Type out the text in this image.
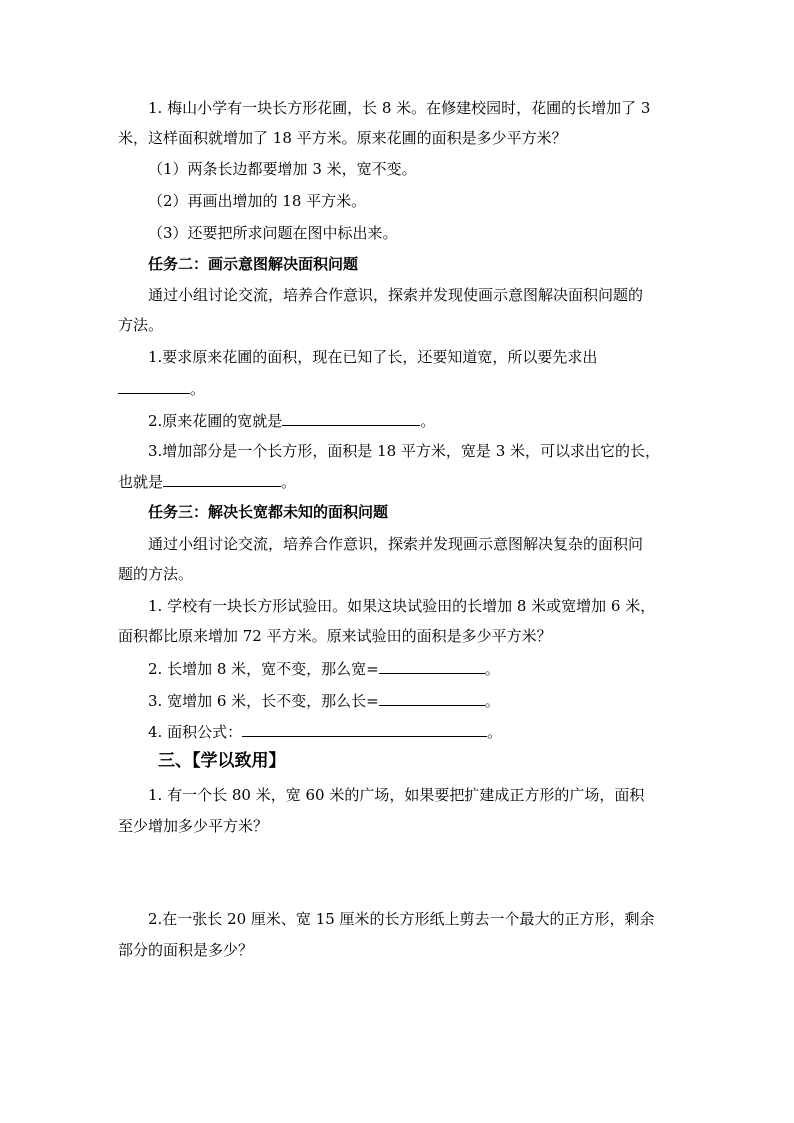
1. 梅山小学有一块长方形花圃，长 8 米。在修建校园时，花圃的长增加了 3
米，这样面积就增加了 18 平方米。原来花圃的面积是多少平方米？
（1）两条长边都要增加 3 米，宽不变。
（2）再画出增加的 18 平方米。
（3）还要把所求问题在图中标出来。
任务二：画示意图解决面积问题
通过小组讨论交流，培养合作意识，探索并发现使画示意图解决面积问题的
方法。
1.要求原来花圃的面积，现在已知了长，还要知道宽，所以要先求出
。
2.原来花圃的宽就是	。
3.增加部分是一个长方形，面积是 18 平方米，宽是 3 米，可以求出它的长，
也就是	。
任务三：解决长宽都未知的面积问题
通过小组讨论交流，培养合作意识，探索并发现画示意图解决复杂的面积问
题的方法。
1. 学校有一块长方形试验田。如果这块试验田的长增加 8 米或宽增加 6 米，
面积都比原来增加 72 平方米。原来试验田的面积是多少平方米？
2. 长增加 8 米，宽不变，那么宽=	。
3. 宽增加 6 米，长不变，那么长=	。
4. 面积公式：	。
三、【学以致用】
1. 有一个长 80 米，宽 60 米的广场，如果要把扩建成正方形的广场，面积
至少增加多少平方米？
2.在一张长 20 厘米、宽 15 厘米的长方形纸上剪去一个最大的正方形，剩余
部分的面积是多少？
